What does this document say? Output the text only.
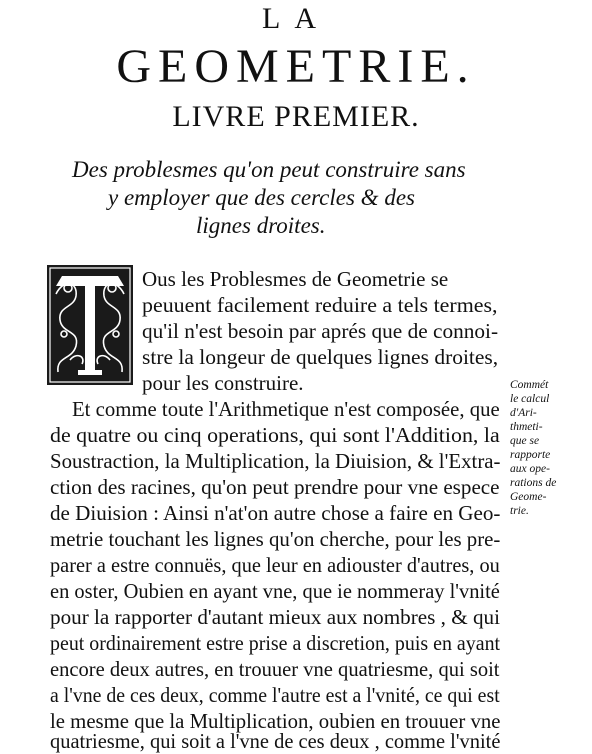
LA
GEOMETRIE.
LIVRE PREMIER.
Des problesmes qu'on peut construire sans
y employer que des cercles & des
lignes droites.
Ous les Problesmes de Geometrie se
peuuent facilement reduire a tels termes,
qu'il n'est besoin par aprés que de connoi-
stre la longeur de quelques lignes droites,
pour les construire.
Et comme toute l'Arithmetique n'est composée, que
de quatre ou cinq operations, qui sont l'Addition, la
Soustraction, la Multiplication, la Diuision, & l'Extra-
ction des racines, qu'on peut prendre pour vne espece
de Diuision : Ainsi n'at'on autre chose a faire en Geo-
metrie touchant les lignes qu'on cherche, pour les pre-
parer a estre connuës, que leur en adiouster d'autres, ou
en oster, Oubien en ayant vne, que ie nommeray l'vnité
pour la rapporter d'autant mieux aux nombres , & qui
peut ordinairement estre prise a discretion, puis en ayant
encore deux autres, en trouuer vne quatriesme, qui soit
a l'vne de ces deux, comme l'autre est a l'vnité, ce qui est
le mesme que la Multiplication, oubien en trouuer vne
quatriesme, qui soit a l'vne de ces deux , comme l'vnité
Commét
le calcul
d'Ari-
thmeti-
que se
rapporte
aux ope-
rations de
Geome-
trie.
